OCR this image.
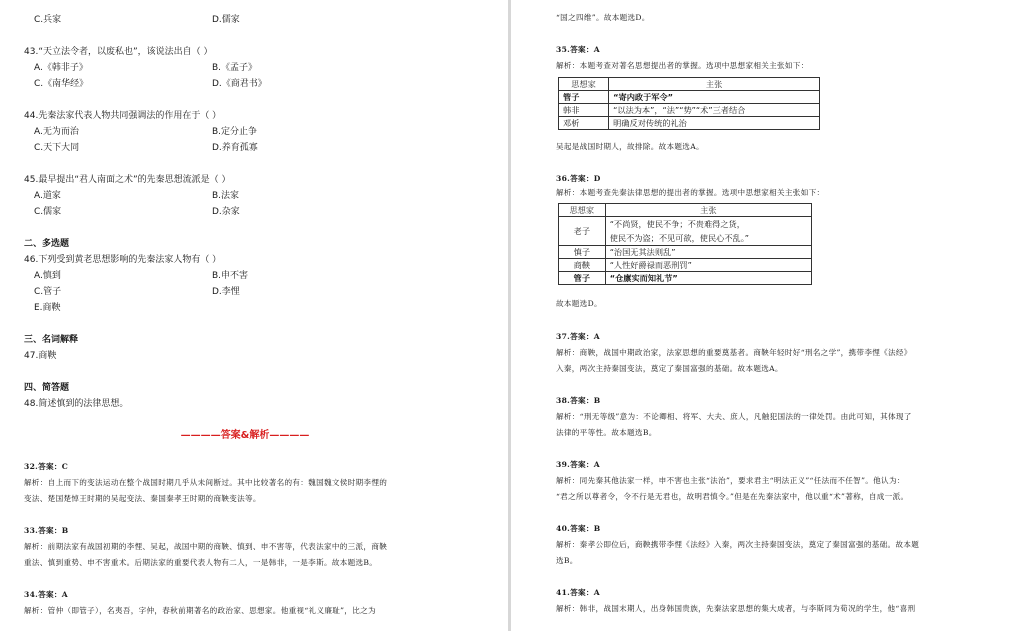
C.兵家	D.儒家
43.“天立法令者，以废私也”，该说法出自（ ）
A.《韩非子》	B.《孟子》
C.《南华经》	D.《商君书》
44.先秦法家代表人物共同强调法的作用在于（ ）
A.无为而治	B.定分止争
C.天下大同	D.养育孤寡
45.最早提出“君人南面之术”的先秦思想流派是（ ）
A.道家	B.法家
C.儒家	D.杂家
二、多选题
46.下列受到黄老思想影响的先秦法家人物有（ ）
A.慎到	B.申不害
C.管子	D.李悝
E.商鞅
三、名词解释
47.商鞅
四、简答题
48.简述慎到的法律思想。
————答案&解析————
32.答案：C
解析：自上而下的变法运动在整个战国时期几乎从未间断过。其中比较著名的有：魏国魏文侯时期李悝的
变法、楚国楚悼王时期的吴起变法、秦国秦孝王时期的商鞅变法等。
33.答案：B
解析：前期法家有战国初期的李悝、吴起，战国中期的商鞅、慎到、申不害等，代表法家中的三派，商鞅
重法、慎到重势、申不害重术。后期法家的重要代表人物有二人，一是韩非，一是李斯。故本题选B。
34.答案：A
解析：管仲（即管子），名夷吾，字仲，春秋前期著名的政治家、思想家。他重视“礼义廉耻”，比之为
“国之四维”。故本题选D。
35.答案：A
解析：本题考查对著名思想提出者的掌握。选项中思想家相关主张如下：
思想家	主张
管子	“寄内政于军令”
韩非	“以法为本”，“法”“势”“术”三者结合
邓析	明确反对传统的礼治
吴起是战国时期人，故排除。故本题选A。
36.答案：D
解析：本题考查先秦法律思想的提出者的掌握。选项中思想家相关主张如下：
思想家	主张
老子	“不尚贤，使民不争；不贵难得之货，
使民不为盗；不见可欲，使民心不乱。”

慎子	“治国无其法则乱”
商鞅	“人性好爵禄而恶刑罚”
管子	“仓廪实而知礼节”
故本题选D。
37.答案：A
解析：商鞅，战国中期政治家，法家思想的重要奠基者。商鞅年轻时好“刑名之学”，携带李悝《法经》
入秦，两次主持秦国变法，奠定了秦国富强的基础。故本题选A。
38.答案：B
解析：“刑无等级”意为：不论卿相、将军、大夫、庶人，凡触犯国法的一律处罚。由此可知，其体现了
法律的平等性。故本题选B。
39.答案：A
解析：同先秦其他法家一样，申不害也主张“法治”，要求君主“明法正义”“任法而不任智”。他认为：
“君之所以尊者令，令不行是无君也，故明君慎令。”但是在先秦法家中，他以重“术”著称，自成一派。
40.答案：B
解析：秦孝公即位后，商鞅携带李悝《法经》入秦，两次主持秦国变法，奠定了秦国富强的基础。故本题
选B。
41.答案：A
解析：韩非，战国末期人，出身韩国贵族，先秦法家思想的集大成者，与李斯同为荀况的学生，他“喜刑
